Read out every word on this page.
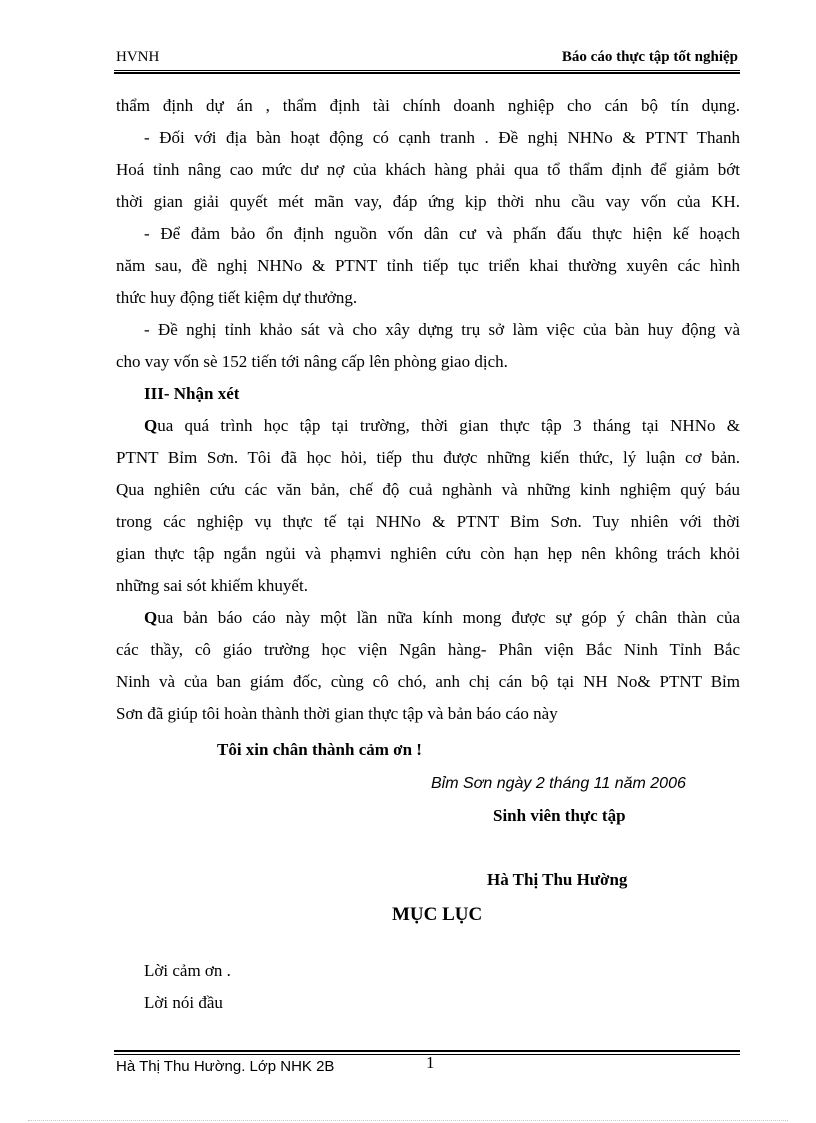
HVNH	Báo cáo thực tập tốt nghiệp
thẩm định dự án , thẩm định tài chính doanh nghiệp cho cán bộ tín dụng.
- Đối với địa bàn hoạt động có cạnh tranh . Đề nghị NHNo & PTNT Thanh
Hoá tỉnh nâng cao mức dư nợ của khách hàng phải qua tổ thẩm định để giảm bớt
thời gian giải quyết mét mãn vay, đáp ứng kịp thời nhu cầu vay vốn của KH.
- Để đảm bảo ổn định nguồn vốn dân cư và phấn đấu thực hiện kế hoạch
năm sau, đề nghị NHNo & PTNT tỉnh tiếp tục triển khai thường xuyên các hình
thức huy động tiết kiệm dự thưởng.
- Đề nghị tỉnh khảo sát và cho xây dựng trụ sở làm việc của bàn huy động và
cho vay vốn sè 152 tiến tới nâng cấp lên phòng giao dịch.
III- Nhận xét
Qua quá trình học tập tại trường, thời gian thực tập 3 tháng tại NHNo &
PTNT Bỉm Sơn. Tôi đã học hỏi, tiếp thu được những kiến thức, lý luận cơ bản.
Qua nghiên cứu các văn bản, chế độ cuả nghành và những kinh nghiệm quý báu
trong các nghiệp vụ thực tế tại NHNo & PTNT Bỉm Sơn. Tuy nhiên với thời
gian thực tập ngắn ngủi và phạmvi nghiên cứu còn hạn hẹp nên không trách khỏi
những sai sót khiếm khuyết.
Qua bản báo cáo này một lần nữa kính mong được sự góp ý chân thàn của
các thầy, cô giáo trường học viện Ngân hàng- Phân viện Bắc Ninh Tỉnh Bắc
Ninh và của ban giám đốc, cùng cô chó, anh chị cán bộ tại NH No& PTNT Bỉm
Sơn đã giúp tôi hoàn thành thời gian thực tập và bản báo cáo này
Tôi xin chân thành cảm ơn !
Bỉm Sơn ngày 2 tháng 11 năm 2006
Sinh viên thực tập
Hà Thị Thu Hường
MỤC LỤC
Lời cảm ơn .
Lời nói đầu
Hà Thị Thu Hường. Lớp NHK 2B	1
